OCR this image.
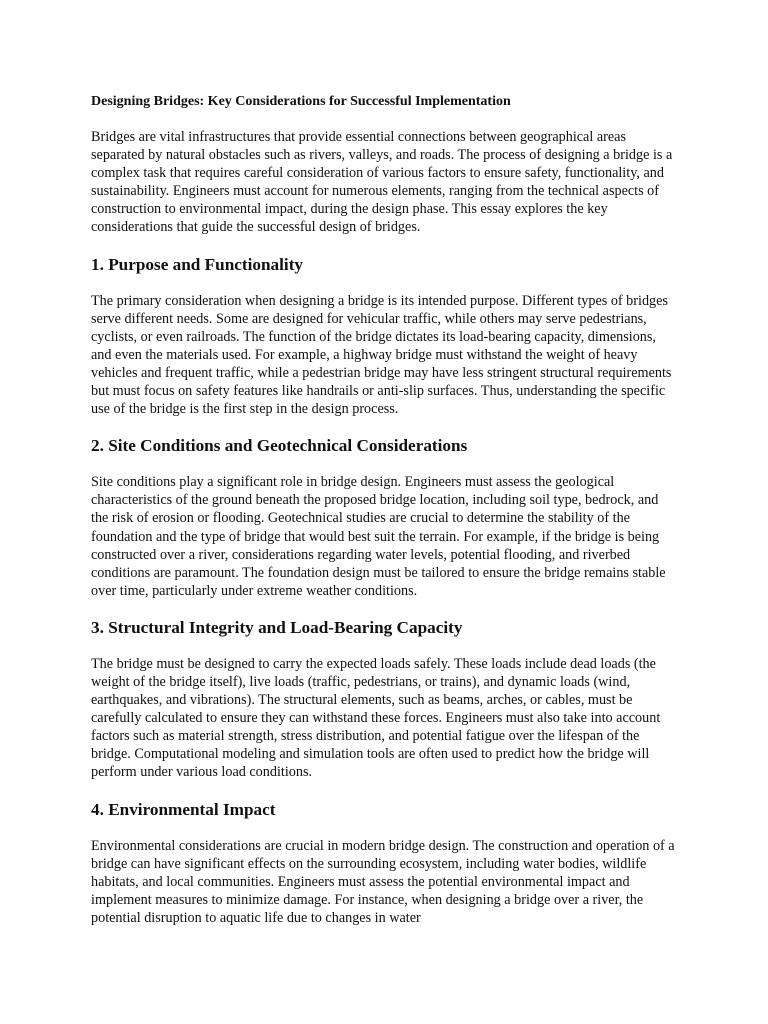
Designing Bridges: Key Considerations for Successful Implementation

Bridges are vital infrastructures that provide essential connections between geographical areas separated by natural obstacles such as rivers, valleys, and roads. The process of designing a bridge is a complex task that requires careful consideration of various factors to ensure safety, functionality, and sustainability. Engineers must account for numerous elements, ranging from the technical aspects of construction to environmental impact, during the design phase. This essay explores the key considerations that guide the successful design of bridges.

1. Purpose and Functionality

The primary consideration when designing a bridge is its intended purpose. Different types of bridges serve different needs. Some are designed for vehicular traffic, while others may serve pedestrians, cyclists, or even railroads. The function of the bridge dictates its load-bearing capacity, dimensions, and even the materials used. For example, a highway bridge must withstand the weight of heavy vehicles and frequent traffic, while a pedestrian bridge may have less stringent structural requirements but must focus on safety features like handrails or anti-slip surfaces. Thus, understanding the specific use of the bridge is the first step in the design process.

2. Site Conditions and Geotechnical Considerations

Site conditions play a significant role in bridge design. Engineers must assess the geological characteristics of the ground beneath the proposed bridge location, including soil type, bedrock, and the risk of erosion or flooding. Geotechnical studies are crucial to determine the stability of the foundation and the type of bridge that would best suit the terrain. For example, if the bridge is being constructed over a river, considerations regarding water levels, potential flooding, and riverbed conditions are paramount. The foundation design must be tailored to ensure the bridge remains stable over time, particularly under extreme weather conditions.

3. Structural Integrity and Load-Bearing Capacity

The bridge must be designed to carry the expected loads safely. These loads include dead loads (the weight of the bridge itself), live loads (traffic, pedestrians, or trains), and dynamic loads (wind, earthquakes, and vibrations). The structural elements, such as beams, arches, or cables, must be carefully calculated to ensure they can withstand these forces. Engineers must also take into account factors such as material strength, stress distribution, and potential fatigue over the lifespan of the bridge. Computational modeling and simulation tools are often used to predict how the bridge will perform under various load conditions.

4. Environmental Impact

Environmental considerations are crucial in modern bridge design. The construction and operation of a bridge can have significant effects on the surrounding ecosystem, including water bodies, wildlife habitats, and local communities. Engineers must assess the potential environmental impact and implement measures to minimize damage. For instance, when designing a bridge over a river, the potential disruption to aquatic life due to changes in water
